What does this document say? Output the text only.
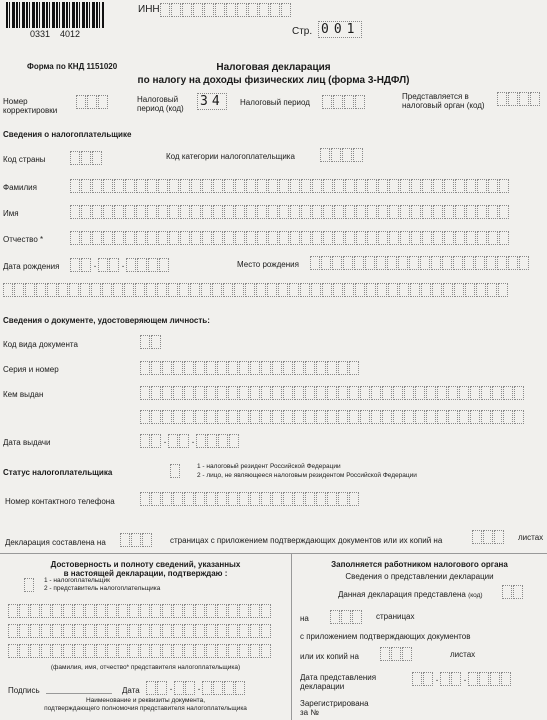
0331    4012
ИНН
Стр. 001
Форма по КНД 1151020	Налоговая декларация
по налогу на доходы физических лиц (форма 3-НДФЛ)
Номер
корректировки
Налоговый
период (код) 34	Налоговый период
Представляется в
налоговый орган (код)
Сведения о налогоплательщике
Код страны	Код категории налогоплательщика
Фамилия
Имя
Отчество *
Дата рождения	.	.	Место рождения
Сведения о документе, удостоверяющем личность:
Код вида документа
Серия и номер
Кем выдан
Дата выдачи	.	.
Статус налогоплательщика
1 - налоговый резидент Российской Федерации
2 - лицо, не являющееся налоговым резидентом Российской Федерации
Номер контактного телефона
Декларация составлена на	страницах с приложением подтверждающих документов или их копий на	листах
Достоверность и полноту сведений, указанных
в настоящей декларации, подтверждаю :
1 - налогоплательщик
2 - представитель налогоплательщика
(фамилия, имя, отчество* представителя налогоплательщика)
Подпись	Дата	.	.
Наименование и реквизиты документа,
подтверждающего полномочия представителя налогоплательщика
Заполняется работником налогового органа
Сведения о представлении декларации
Данная декларация представлена (код)
на	страницах
с приложением подтверждающих документов
или их копий на	листах
Дата представления
декларации
.	.
Зарегистрирована
за №
